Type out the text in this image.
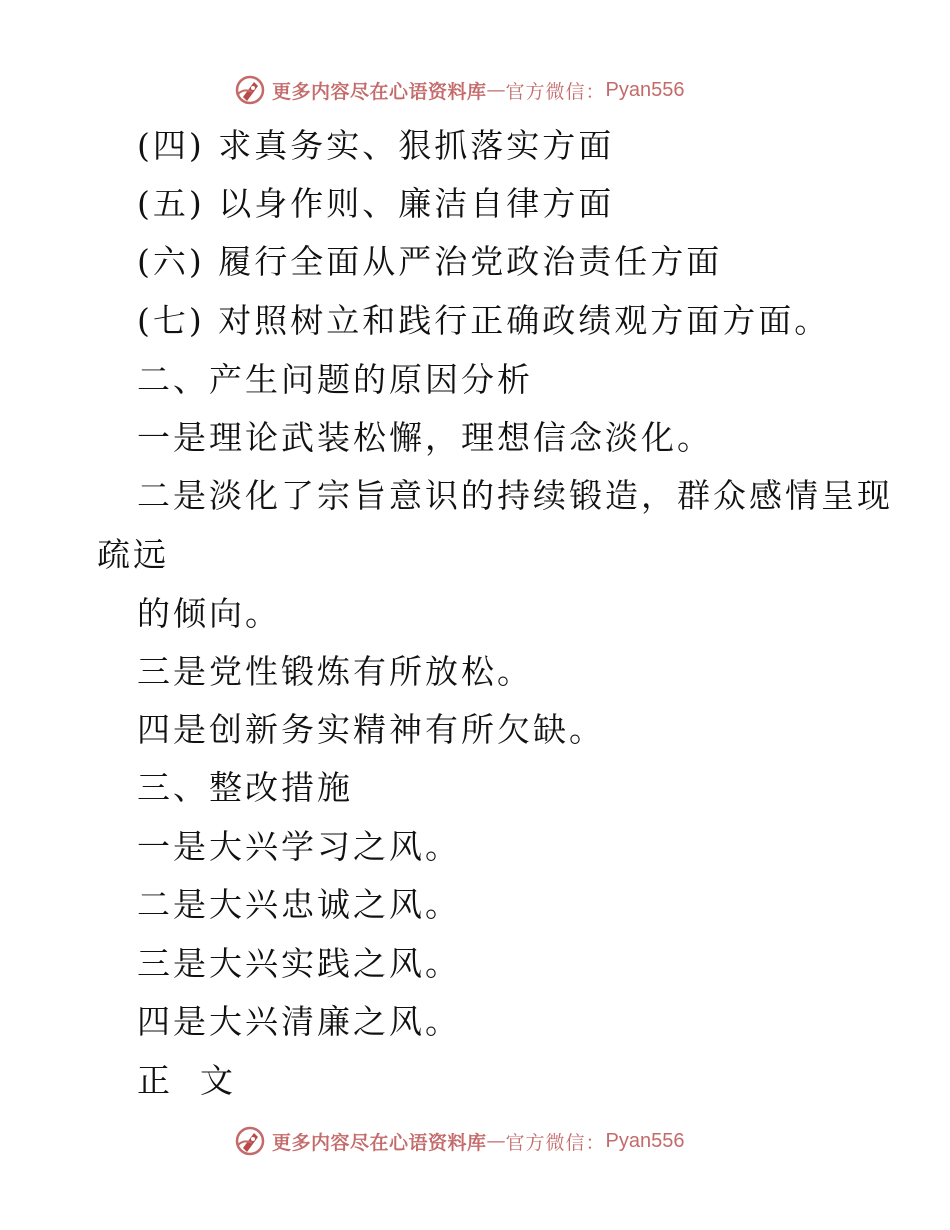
更多内容尽在心语资料库 — 官方微信： Pyan556
(四) 求真务实、狠抓落实方面
(五) 以身作则、廉洁自律方面
(六) 履行全面从严治党政治责任方面
(七) 对照树立和践行正确政绩观方面方面。
二、产生问题的原因分析
一是理论武装松懈，理想信念淡化。
二是淡化了宗旨意识的持续锻造，群众感情呈现
疏远
的倾向。
三是党性锻炼有所放松。
四是创新务实精神有所欠缺。
三、整改措施
一是大兴学习之风。
二是大兴忠诚之风。
三是大兴实践之风。
四是大兴清廉之风。
正  文
更多内容尽在心语资料库 — 官方微信： Pyan556
